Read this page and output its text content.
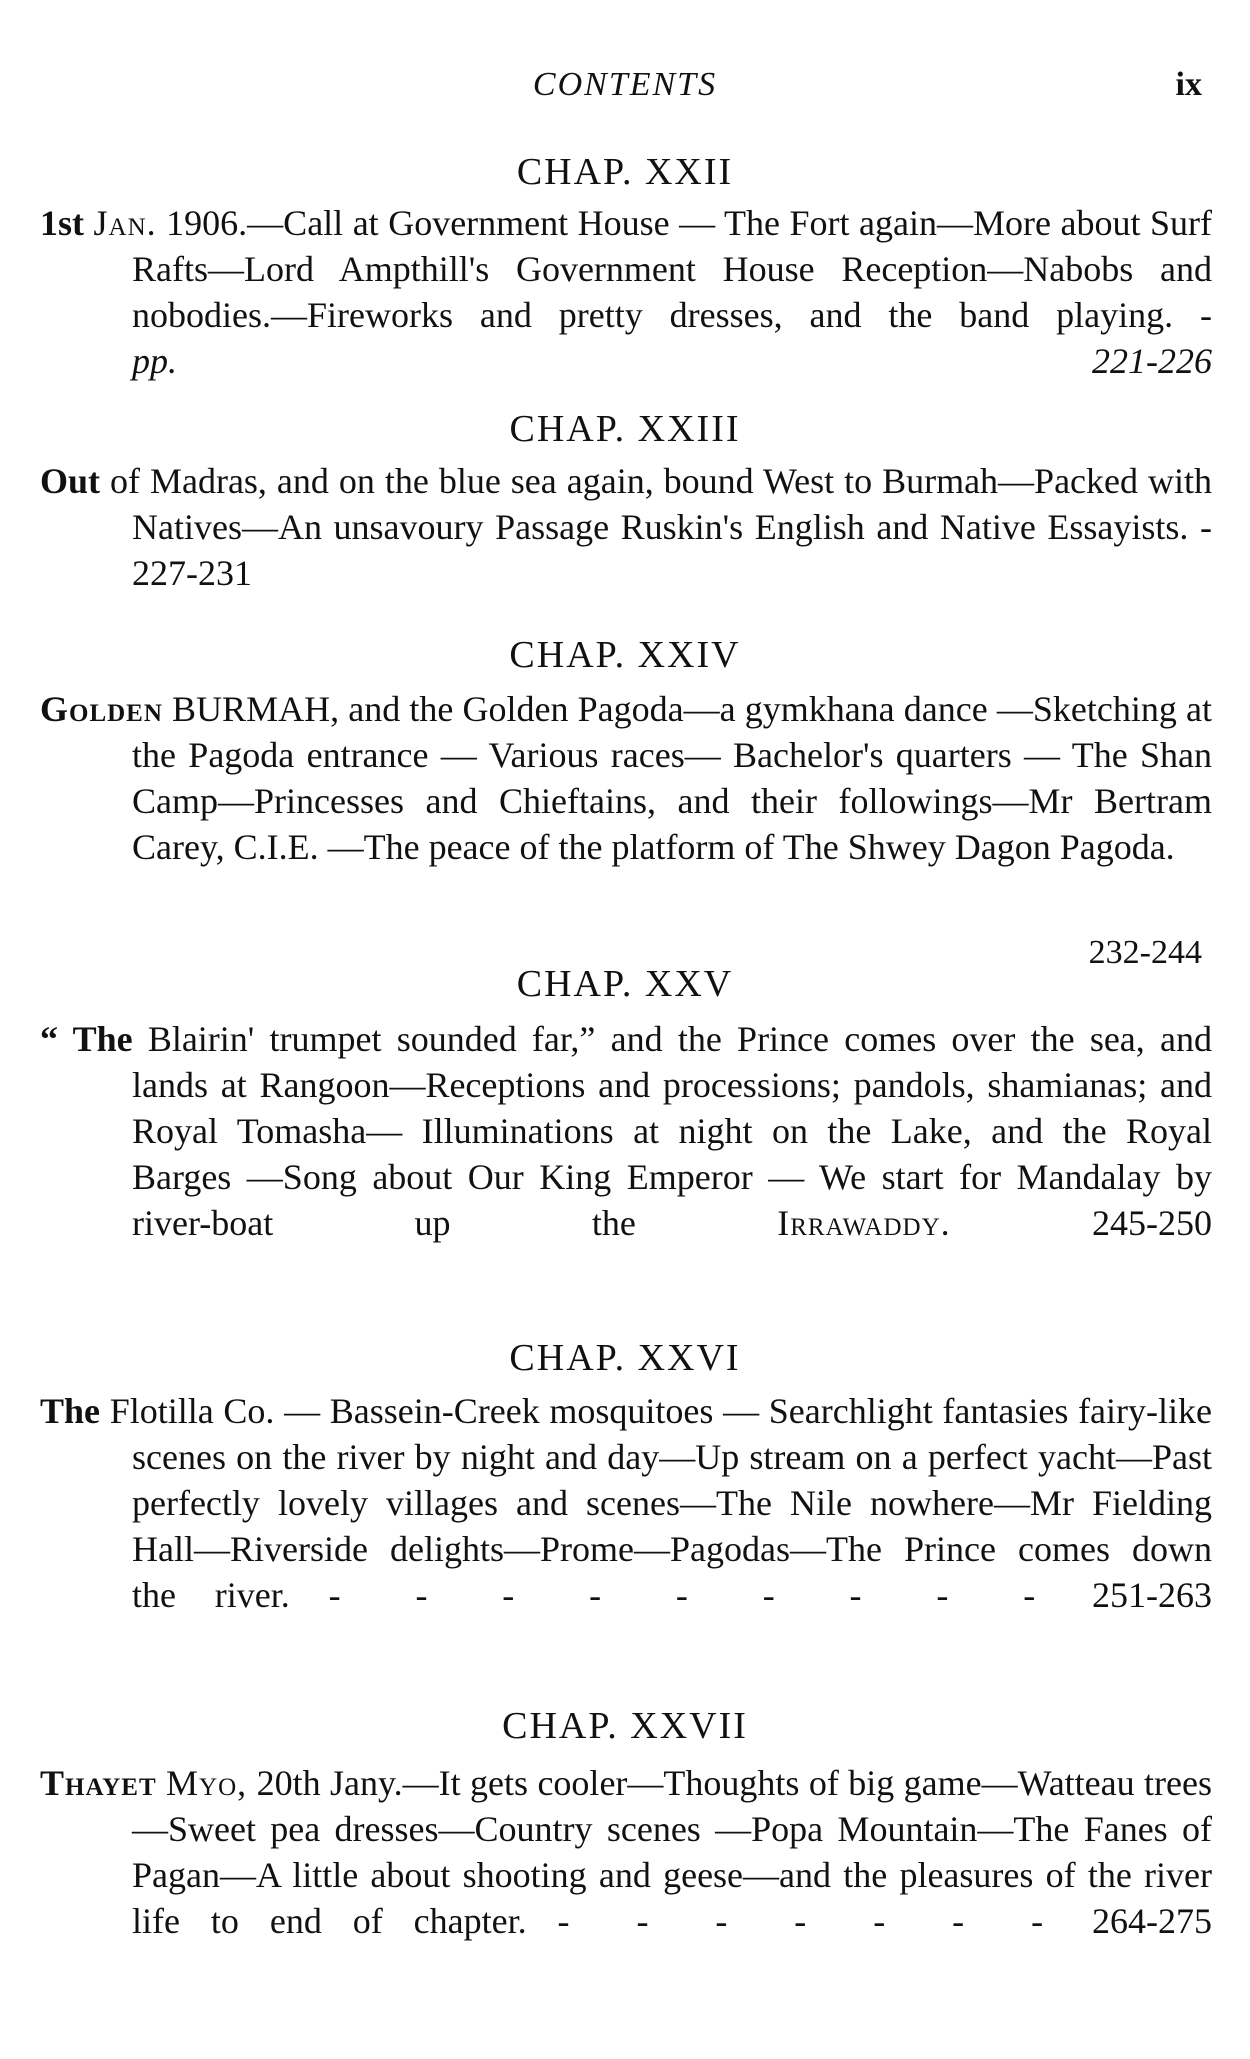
CONTENTS	ix
CHAP. XXII
1st Jan. 1906.—Call at Government House — The Fort again—More about Surf Rafts—Lord Ampthill's Government House Reception—Nabobs and nobodies.—Fireworks and pretty dresses, and the band playing. - pp. 221-226
CHAP. XXIII
Out of Madras, and on the blue sea again, bound West to Burmah—Packed with Natives—An unsavoury Passage Ruskin's English and Native Essayists. - 227-231
CHAP. XXIV
Golden BURMAH, and the Golden Pagoda—a gymkhana dance —Sketching at the Pagoda entrance — Various races— Bachelor's quarters — The Shan Camp—Princesses and Chieftains, and their followings—Mr Bertram Carey, C.I.E. —The peace of the platform of The Shwey Dagon Pagoda.
232-244
CHAP. XXV
“ The Blairin' trumpet sounded far,” and the Prince comes over the sea, and lands at Rangoon—Receptions and processions; pandols, shamianas; and Royal Tomasha— Illuminations at night on the Lake, and the Royal Barges —Song about Our King Emperor — We start for Mandalay by river-boat up the Irrawaddy.	245-250
CHAP. XXVI
The Flotilla Co. — Bassein-Creek mosquitoes — Searchlight fantasies fairy-like scenes on the river by night and day—Up stream on a perfect yacht—Past perfectly lovely villages and scenes—The Nile nowhere—Mr Fielding Hall—Riverside delights—Prome—Pagodas—The Prince comes down the river. - - - - - - - - - 251-263
CHAP. XXVII
Thayet Myo, 20th Jany.—It gets cooler—Thoughts of big game—Watteau trees—Sweet pea dresses—Country scenes —Popa Mountain—The Fanes of Pagan—A little about shooting and geese—and the pleasures of the river life to end of chapter. - - - - - - - 264-275
